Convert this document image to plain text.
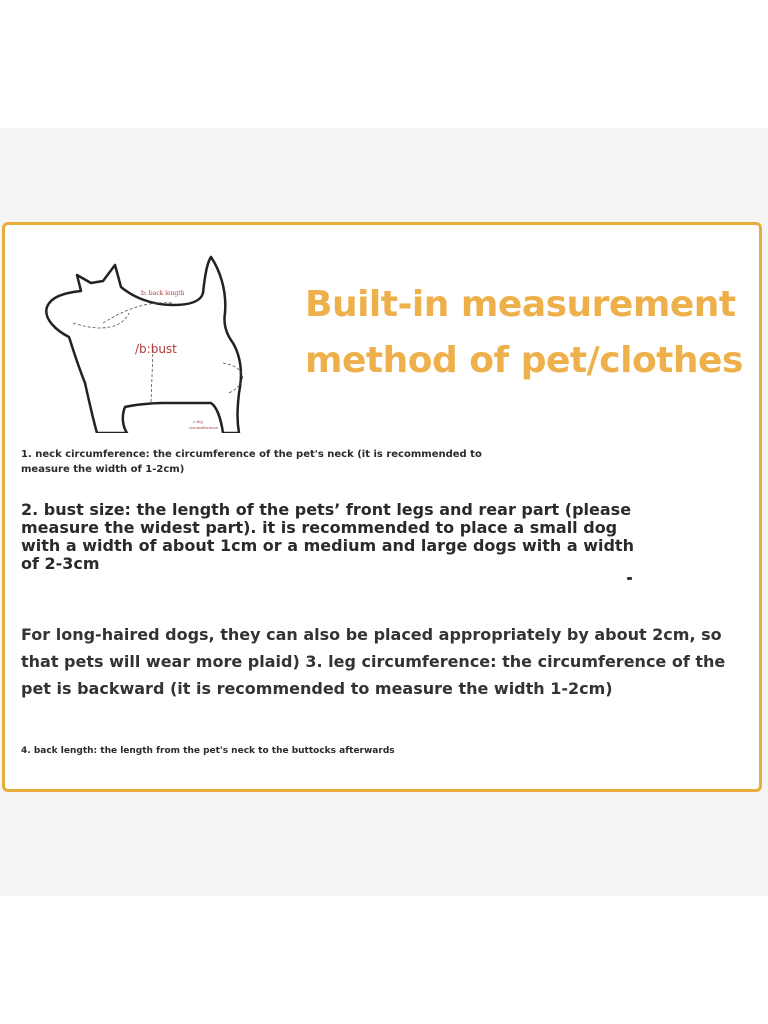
b: back length
/b:bust
c:leg
circumference
Built-in measurement
method of pet/clothes

1. neck circumference: the circumference of the pet's neck (it is recommended to measure the width of 1-2cm)

2. bust size: the length of the pets’ front legs and rear part (please measure the widest part). it is recommended to place a small dog with a width of about 1cm or a medium and large dogs with a width of 2-3cm

For long-haired dogs, they can also be placed appropriately by about 2cm, so that pets will wear more plaid) 3. leg circumference: the circumference of the pet is backward (it is recommended to measure the width 1-2cm)

4. back length: the length from the pet's neck to the buttocks afterwards
